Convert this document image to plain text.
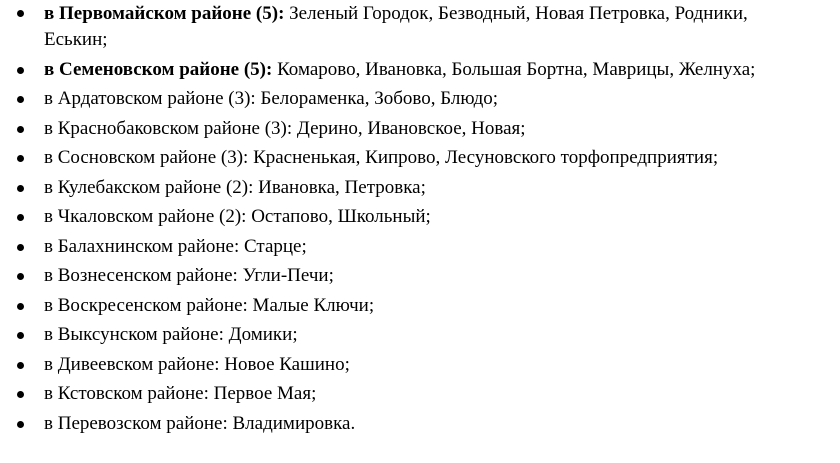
в Первомайском районе (5): Зеленый Городок, Безводный, Новая Петровка, Родники, Еськин;
в Семеновском районе (5): Комарово, Ивановка, Большая Бортна, Маврицы, Желнуха;
в Ардатовском районе (3): Белораменка, Зобово, Блюдо;
в Краснобаковском районе (3): Дерино, Ивановское, Новая;
в Сосновском районе (3): Красненькая, Кипрово, Лесуновского торфопредприятия;
в Кулебакском районе (2): Ивановка, Петровка;
в Чкаловском районе (2): Остапово, Школьный;
в Балахнинском районе: Старце;
в Вознесенском районе: Угли-Печи;
в Воскресенском районе: Малые Ключи;
в Выксунском районе: Домики;
в Дивеевском районе: Новое Кашино;
в Кстовском районе: Первое Мая;
в Перевозском районе: Владимировка.
